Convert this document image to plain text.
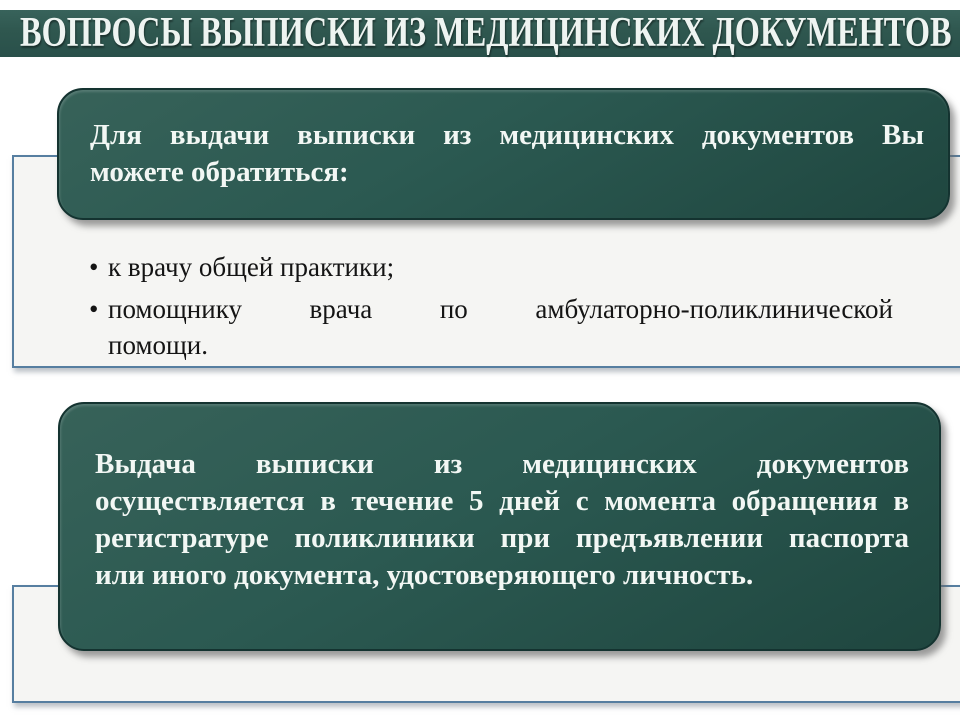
ВОПРОСЫ ВЫПИСКИ ИЗ МЕДИЦИНСКИХ ДОКУМЕНТОВ
•
к врачу общей практики;
•
помощнику врача по амбулаторно-поликлинической
помощи.

Для выдачи выписки из медицинских документов Вы
можете обратиться:

Выдача выписки из медицинских документов
осуществляется в течение 5 дней с момента обращения в
регистратуре поликлиники при предъявлении паспорта
или иного документа, удостоверяющего личность.
